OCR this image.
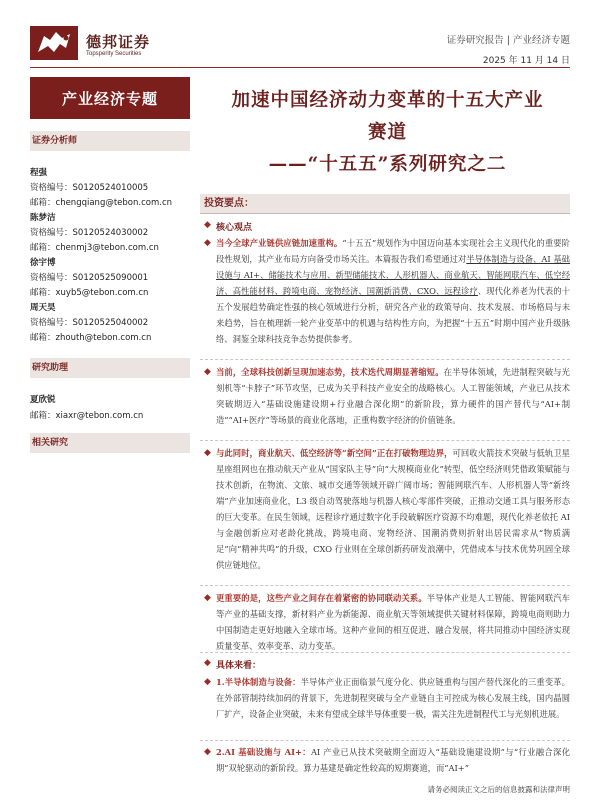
德邦证券
Topsperity Securities
证券研究报告 | 产业经济专题
2025 年 11 月 14 日
产业经济专题
证券分析师
程强
资格编号：S0120524010005
邮箱：chengqiang@tebon.com.cn
陈梦洁
资格编号：S0120524030002
邮箱：chenmj3@tebon.com.cn
徐宇博
资格编号：S0120525090001
邮箱：xuyb5@tebon.com.cn
周天昊
资格编号：S0120525040002
邮箱：zhouth@tebon.com.cn
研究助理
夏欣锐
邮箱：xiaxr@tebon.com.cn
相关研究
加速中国经济动力变革的十五大产业
赛道
——“十五五”系列研究之二
投资要点：
◆ 核心观点
◆ 当今全球产业链供应链加速重构。“十五五”规划作为中国迈向基本实现社会主义现代化的重要阶段性规划，其产业布局方向备受市场关注。本篇报告我们希望通过对半导体制造与设备、AI 基础设施与 AI+、储能技术与应用、新型储能技术、人形机器人、商业航天、智能网联汽车、低空经济、高性能材料、跨境电商、宠物经济、国潮新消费、CXO、远程诊疗、现代化养老为代表的十五个发展趋势确定性强的核心领域进行分析，研究各产业的政策导向、技术发展、市场格局与未来趋势，旨在梳理新一轮产业变革中的机遇与结构性方向，为把握“十五五”时期中国产业升级脉络、洞鉴全球科技竞争态势提供参考。

◆ 当前，全球科技创新呈现加速态势，技术迭代周期显著缩短。在半导体领域，先进制程突破与光刻机等“卡脖子”环节攻坚，已成为关乎科技产业安全的战略核心。人工智能领域，产业已从技术突破期迈入“基础设施建设期+行业融合深化期”的新阶段，算力硬件的国产替代与“AI+制造”“AI+医疗”等场景的商业化落地，正重构数字经济的价值链条。

◆ 与此同时，商业航天、低空经济等“新空间”正在打破物理边界，可回收火箭技术突破与低轨卫星星座组网也在推动航天产业从“国家队主导”向“大规模商业化”转型，低空经济则凭借政策赋能与技术创新，在物流、文旅、城市交通等领域开辟广阔市场；智能网联汽车、人形机器人等“新终端”产业加速商业化，L3 级自动驾驶落地与机器人核心零部件突破，正推动交通工具与服务形态的巨大变革。在民生领域，远程诊疗通过数字化手段破解医疗资源不均难题，现代化养老依托 AI 与金融创新应对老龄化挑战，跨境电商、宠物经济、国潮消费则折射出居民需求从“物质满足”向“精神共鸣”的升级，CXO 行业则在全球创新药研发浪潮中，凭借成本与技术优势巩固全球供应链地位。

◆ 更重要的是，这些产业之间存在着紧密的协同联动关系。半导体产业是人工智能、智能网联汽车等产业的基础支撑，新材料产业为新能源、商业航天等领域提供关键材料保障，跨境电商则助力中国制造走更好地融入全球市场。这种产业间的相互促进、融合发展，将共同推动中国经济实现质量变革、效率变革、动力变革。

◆ 具体来看：
◆ 1.半导体制造与设备：半导体产业正面临景气度分化、供应链重构与国产替代深化的三重变革。在外部管制持续加码的背景下，先进制程突破与全产业链自主可控成为核心发展主线，国内晶圆厂扩产，设备企业突破，未来有望成全球半导体重要一极，需关注先进制程代工与光刻机进展。

◆ 2.AI 基础设施与 AI+：AI 产业已从技术突破期全面迈入“基础设施建设期”与“行业融合深化期”双轮驱动的新阶段。算力基建是确定性较高的短期赛道，而“AI+”

请务必阅读正文之后的信息披露和法律声明
